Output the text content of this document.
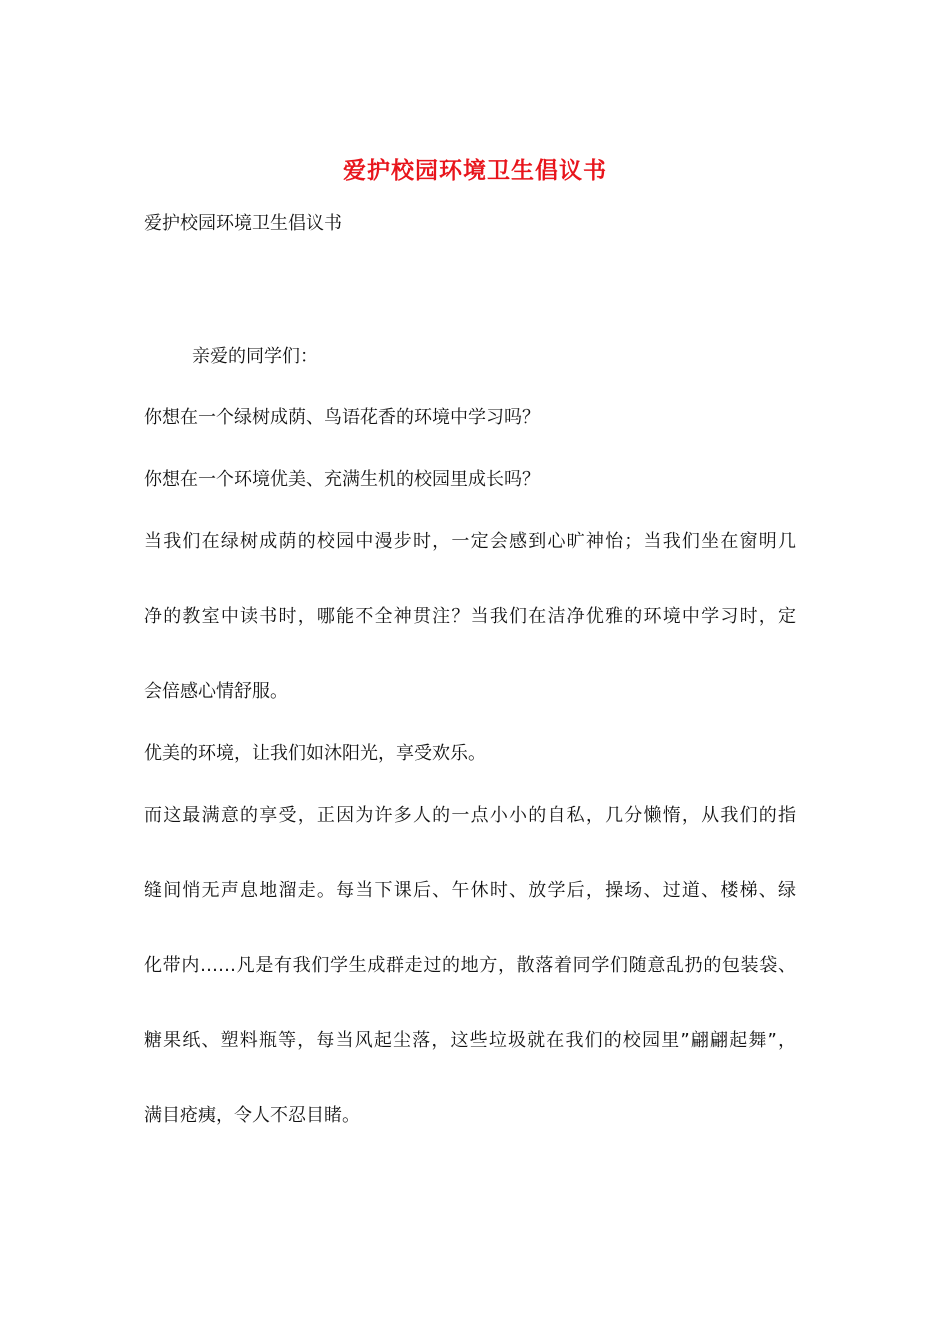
爱护校园环境卫生倡议书
爱护校园环境卫生倡议书
亲爱的同学们：
你想在一个绿树成荫、鸟语花香的环境中学习吗？
你想在一个环境优美、充满生机的校园里成长吗？
当我们在绿树成荫的校园中漫步时，一定会感到心旷神怡；当我们坐在窗明几
净的教室中读书时，哪能不全神贯注？当我们在洁净优雅的环境中学习时，定
会倍感心情舒服。
优美的环境，让我们如沐阳光，享受欢乐。
而这最满意的享受，正因为许多人的一点小小的自私，几分懒惰，从我们的指
缝间悄无声息地溜走。每当下课后、午休时、放学后，操场、过道、楼梯、绿
化带内……凡是有我们学生成群走过的地方，散落着同学们随意乱扔的包装袋、
糖果纸、塑料瓶等，每当风起尘落，这些垃圾就在我们的校园里”翩翩起舞”，
满目疮痍，令人不忍目睹。
